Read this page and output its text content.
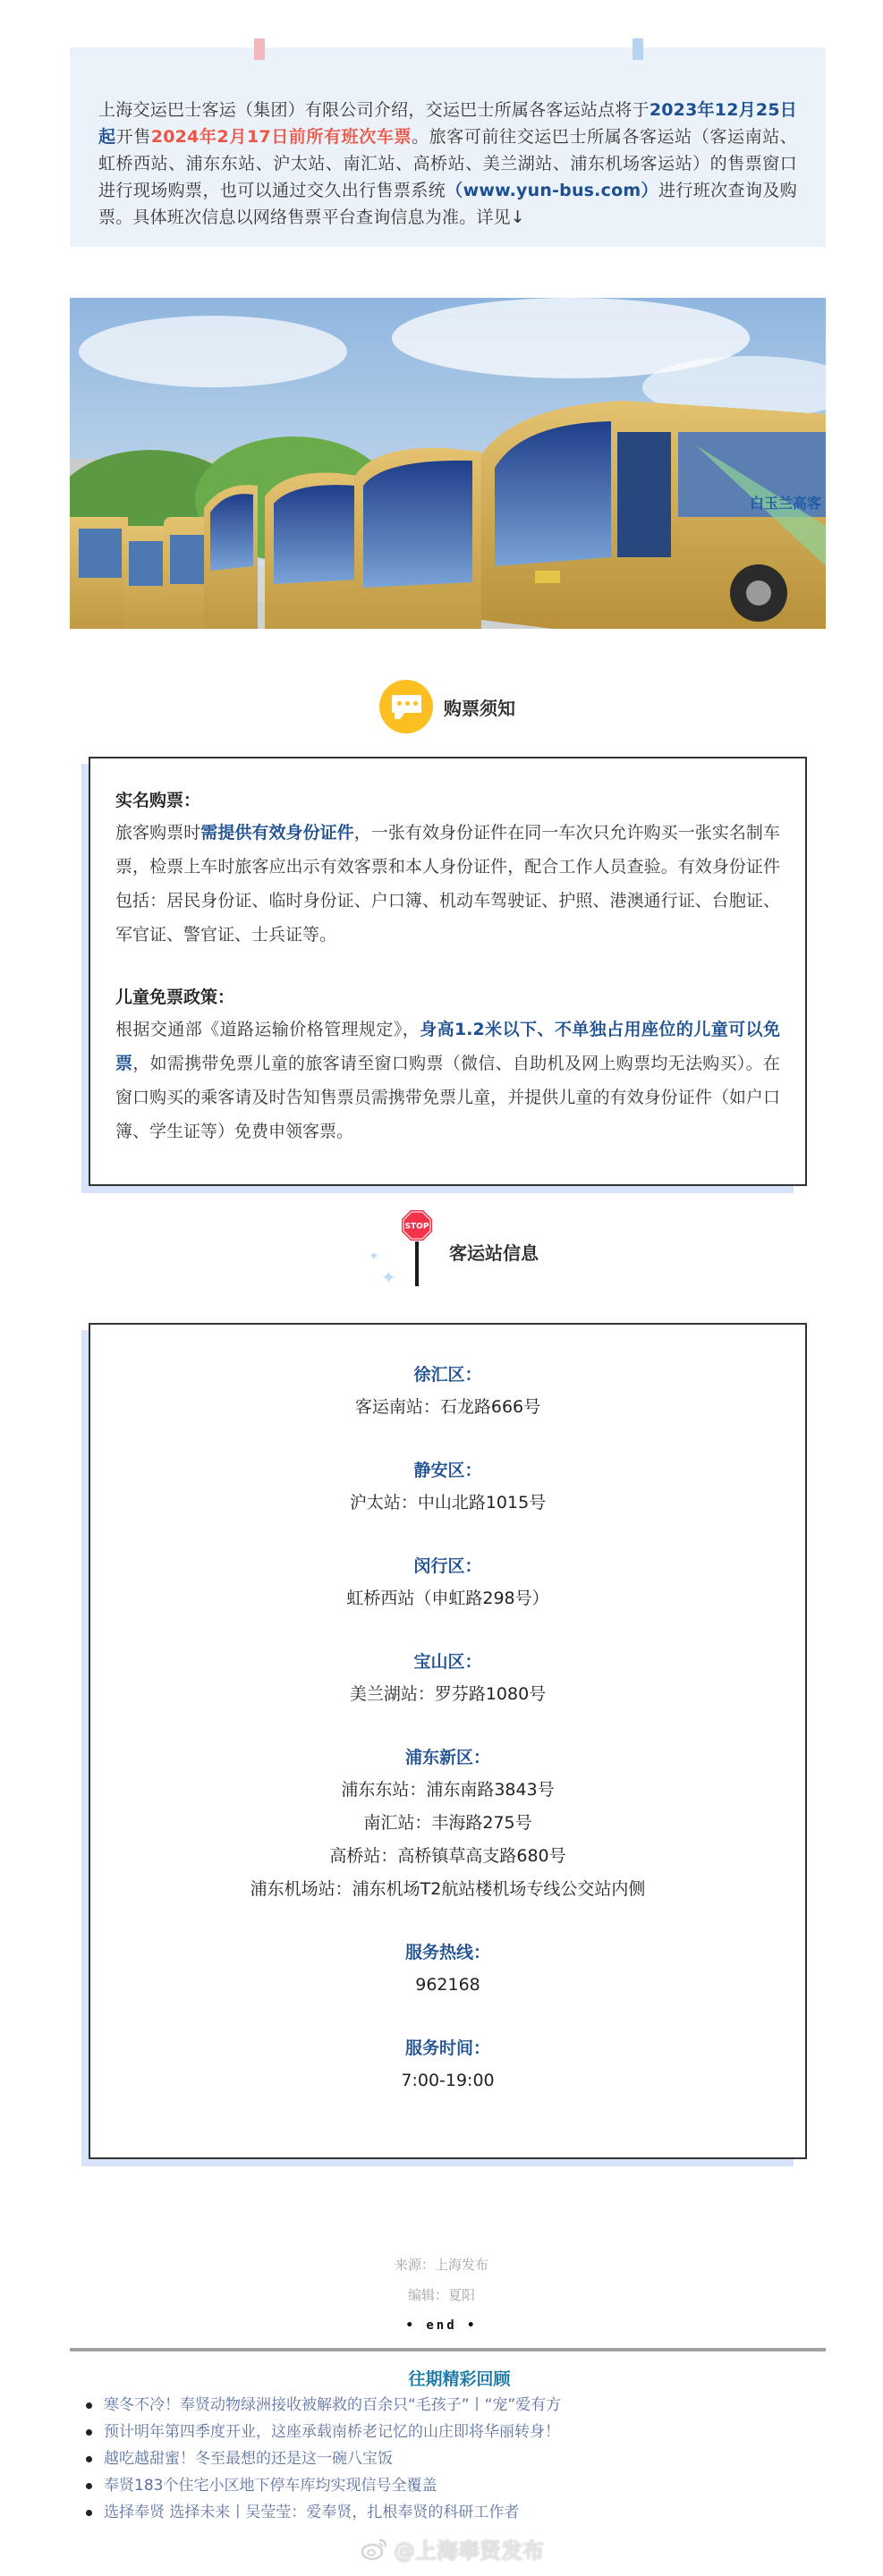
上海交运巴士客运（集团）有限公司介绍，交运巴士所属各客运站点将于2023年12月25日起开售2024年2月17日前所有班次车票。旅客可前往交运巴士所属各客运站（客运南站、虹桥西站、浦东东站、沪太站、南汇站、高桥站、美兰湖站、浦东机场客运站）的售票窗口进行现场购票，也可以通过交久出行售票系统（www.yun-bus.com）进行班次查询及购票。具体班次信息以网络售票平台查询信息为准。详见↓

白玉兰高客
购票须知
实名购票：

旅客购票时需提供有效身份证件，一张有效身份证件在同一车次只允许购买一张实名制车票，检票上车时旅客应出示有效客票和本人身份证件，配合工作人员查验。有效身份证件包括：居民身份证、临时身份证、户口簿、机动车驾驶证、护照、港澳通行证、台胞证、军官证、警官证、士兵证等。

儿童免票政策：

根据交通部《道路运输价格管理规定》，身高1.2米以下、不单独占用座位的儿童可以免票，如需携带免票儿童的旅客请至窗口购票（微信、自助机及网上购票均无法购买）。在窗口购买的乘客请及时告知售票员需携带免票儿童，并提供儿童的有效身份证件（如户口簿、学生证等）免费申领客票。

✦
✦
STOP
客运站信息
徐汇区：

客运南站：石龙路666号

静安区：

沪太站：中山北路1015号

闵行区：

虹桥西站（申虹路298号）

宝山区：

美兰湖站：罗芬路1080号

浦东新区：

浦东东站：浦东南路3843号

南汇站：丰海路275号

高桥站：高桥镇草高支路680号

浦东机场站：浦东机场T2航站楼机场专线公交站内侧

服务热线：

962168

服务时间：

7:00-19:00

来源：上海发布
编辑：夏阳
• end •
往期精彩回顾
寒冬不冷！奉贤动物绿洲接收被解救的百余只“毛孩子”丨“宠”爱有方
预计明年第四季度开业，这座承载南桥老记忆的山庄即将华丽转身！
越吃越甜蜜！冬至最想的还是这一碗八宝饭
奉贤183个住宅小区地下停车库均实现信号全覆盖
选择奉贤 选择未来丨吴莹莹：爱奉贤，扎根奉贤的科研工作者
@上海奉贤发布
